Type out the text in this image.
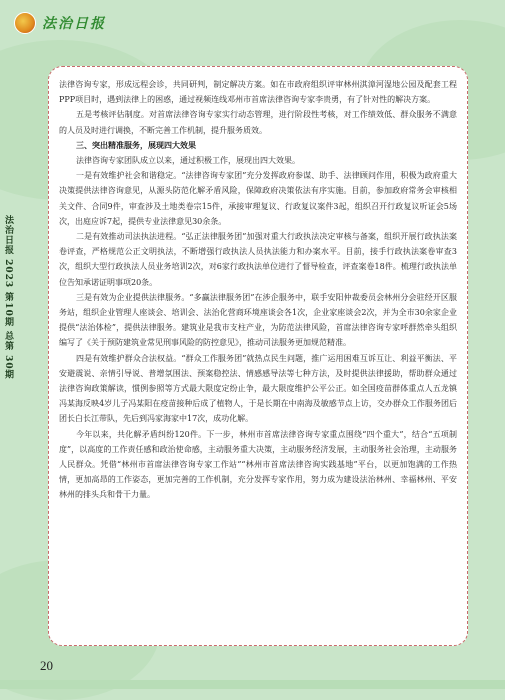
法治日报
法治日报 2023 第10期 总第 30期

法律咨询专家，形成远程会诊，共同研判，制定解决方案。如在市政府组织评审林州淇漳河湿地公园及配套工程PPP项目时，遇到法律上的困惑，通过视频连线邓州市首席法律咨询专家李贵勇，有了针对性的解决方案。

五是考核评估制度。对首席法律咨询专家实行动态管理，进行阶段性考核，对工作绩效低、群众服务不满意的人员及时进行调换，不断完善工作机制，提升服务质效。

三、突出精准服务，展现四大效果

法律咨询专家团队成立以来，通过积极工作，展现出四大效果。

一是有效维护社会和谐稳定。“法律咨询专家团”充分发挥政府参谋、助手、法律顾问作用，积极为政府重大决策提供法律咨询意见，从源头防范化解矛盾风险，保障政府决策依法有序实施。目前，参加政府常务会审核相关文件、合同9件，审查涉及土地类卷宗15件，承接审理复议、行政复议案件3起，组织召开行政复议听证会5场次，出庭应诉7起，提供专业法律意见30余条。

二是有效推动司法执法进程。“弘正法律服务团”加强对重大行政执法决定审核与备案，组织开展行政执法案卷评查，严格规范公正文明执法，不断增强行政执法人员执法能力和办案水平。目前，接手行政执法案卷审查3次，组织大型行政执法人员业务培训2次，对6家行政执法单位进行了督导检查，评查案卷18件。梳理行政执法单位告知承诺证明事项20条。

三是有效为企业提供法律服务。“多赢法律服务团”在涉企服务中，联手安阳仲裁委员会林州分会驻经开区服务站，组织企业管理人座谈会、培训会、法治化营商环境座谈会各1次，企业家座谈会2次，并为全市30余家企业提供“法治体检”，提供法律服务。建筑业是我市支柱产业，为防范法律风险，首席法律咨询专家呼群然牵头组织编写了《关于预防建筑业常见刑事风险的防控意见》，推动司法服务更加规范精准。

四是有效维护群众合法权益。“群众工作服务团”就热点民生问题，推广运用困难互诉互让、利益平衡法、平安避震说、亲情引导说、普增氛围法、预案稳控法、情感感导法等七种方法，及时提供法律援助，帮助群众通过法律咨询政策解读，惯例参照等方式最大限度定纷止争，最大限度维护公平公正。如全国疫苗群体重点人五龙镇冯某海反映4岁儿子冯某阳在疫苗接种后成了植物人，于是长期在中南海及敏感节点上访，交办群众工作服务团后团长白长江带队，先后到冯家海家中17次，成功化解。

今年以来，共化解矛盾纠纷120件。下一步，林州市首席法律咨询专家重点围绕“四个重大”，结合“五项制度”，以高度的工作责任感和政治使命感，主动服务重大决策，主动服务经济发展，主动服务社会治理，主动服务人民群众。凭借“林州市首席法律咨询专家工作站”“林州市首席法律咨询实践基地”平台，以更加饱满的工作热情，更加高昂的工作姿态，更加完善的工作机制，充分发挥专家作用，努力成为建设法治林州、幸福林州、平安林州的排头兵和骨干力量。

20
